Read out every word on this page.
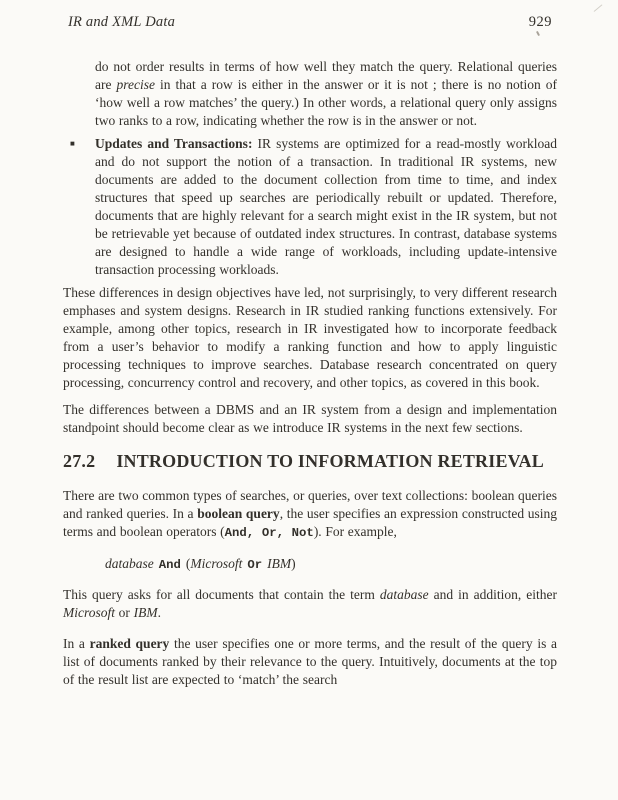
IR and XML Data	929

do not order results in terms of how well they match the query. Relational queries are precise in that a row is either in the answer or it is not ; there is no notion of ‘how well a row matches’ the query.) In other words, a relational query only assigns two ranks to a row, indicating whether the row is in the answer or not.

■	Updates and Transactions: IR systems are optimized for a read-mostly workload and do not support the notion of a transaction. In traditional IR systems, new documents are added to the document collection from time to time, and index structures that speed up searches are periodically rebuilt or updated. Therefore, documents that are highly relevant for a search might exist in the IR system, but not be retrievable yet because of outdated index structures. In contrast, database systems are designed to handle a wide range of workloads, including update-intensive transaction processing workloads.

These differences in design objectives have led, not surprisingly, to very different research emphases and system designs. Research in IR studied ranking functions extensively. For example, among other topics, research in IR investigated how to incorporate feedback from a user’s behavior to modify a ranking function and how to apply linguistic processing techniques to improve searches. Database research concentrated on query processing, concurrency control and recovery, and other topics, as covered in this book.

The differences between a DBMS and an IR system from a design and implementation standpoint should become clear as we introduce IR systems in the next few sections.

27.2 INTRODUCTION TO INFORMATION RETRIEVAL

There are two common types of searches, or queries, over text collections: boolean queries and ranked queries. In a boolean query, the user specifies an expression constructed using terms and boolean operators (And, Or, Not). For example,

database And (Microsoft Or IBM)

This query asks for all documents that contain the term database and in addition, either Microsoft or IBM.

In a ranked query the user specifies one or more terms, and the result of the query is a list of documents ranked by their relevance to the query. Intuitively, documents at the top of the result list are expected to ‘match’ the search
